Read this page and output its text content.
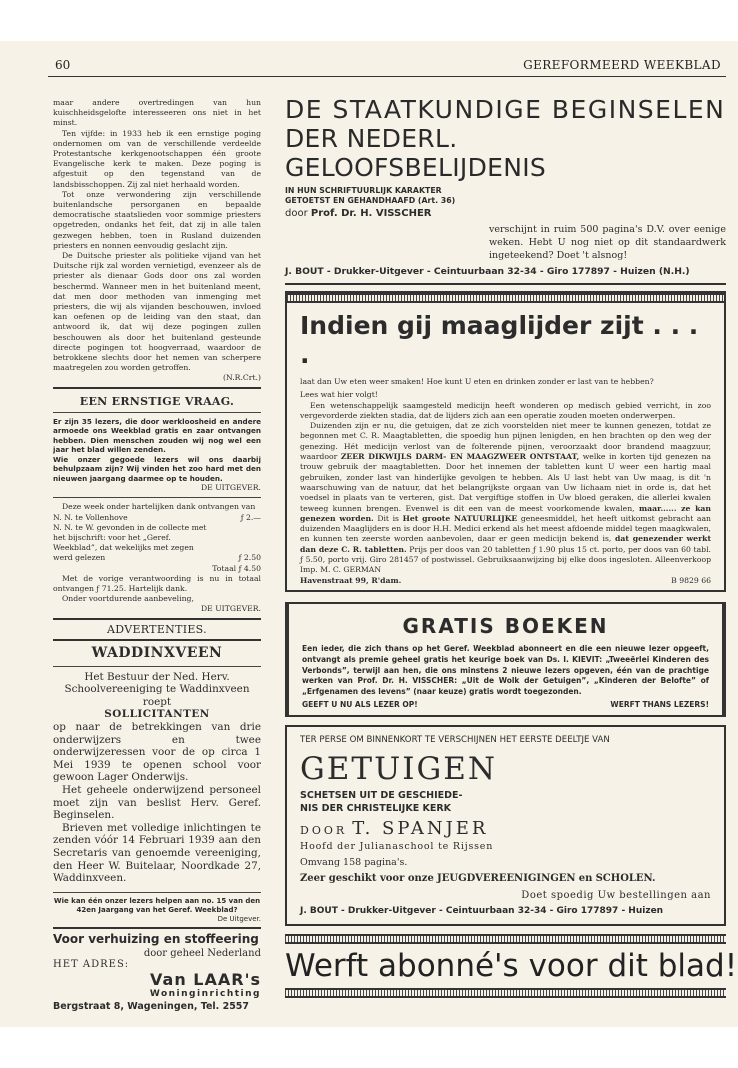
60	GEREFORMEERD WEEKBLAD

maar andere overtredingen van hun kuischheidsgelofte interesseeren ons niet in het minst.

Ten vijfde: in 1933 heb ik een ernstige poging ondernomen om van de verschillende verdeelde Protestantsche kerkgenootschappen één groote Evangelische kerk te maken. Deze poging is afgestuit op den tegenstand van de landsbisschoppen. Zij zal niet herhaald worden.

Tot onze verwondering zijn verschillende buitenlandsche persorganen en bepaalde democratische staatslieden voor sommige priesters opgetreden, ondanks het feit, dat zij in alle talen gezwegen hebben, toen in Rusland duizenden priesters en nonnen eenvoudig geslacht zijn.

De Duitsche priester als politieke vijand van het Duitsche rijk zal worden vernietigd, evenzeer als de priester als dienaar Gods door ons zal worden beschermd. Wanneer men in het buitenland meent, dat men door methoden van inmenging met priesters, die wij als vijanden beschouwen, invloed kan oefenen op de leiding van den staat, dan antwoord ik, dat wij deze pogingen zullen beschouwen als door het buitenland gesteunde directe pogingen tot hoogverraad, waardoor de betrokkene slechts door het nemen van scherpere maatregelen zou worden getroffen.

(N.R.Crt.)

EEN ERNSTIGE VRAAG.

Er zijn 35 lezers, die door werkloosheid en andere armoede ons Weekblad gratis en zaar ontvangen hebben. Dien menschen zouden wij nog wel een jaar het blad willen zenden.

Wie onzer gegoede lezers wil ons daarbij behulpzaam zijn? Wij vinden het zoo hard met den nieuwen jaargang daarmee op te houden.

DE UITGEVER.

Deze week onder hartelijken dank ontvangen van

N. N. te Vollenhove	ƒ 2.—
N. N. te W. gevonden in de collecte met het bijschrift: voor het „Geref. Weekblad”, dat wekelijks met zegen werd gelezen	ƒ 2.50

Totaal ƒ 4.50

Met de vorige verantwoording is nu in totaal ontvangen ƒ 71.25. Hartelijk dank.

Onder voortdurende aanbeveling,

DE UITGEVER.

ADVERTENTIES.
WADDINXVEEN

Het Bestuur der Ned. Herv. Schoolvereeniging te Waddinxveen roept

SOLLICITANTEN

op naar de betrekkingen van drie onderwijzers en twee onderwijzeressen voor de op circa 1 Mei 1939 te openen school voor gewoon Lager Onderwijs.

Het geheele onderwijzend personeel moet zijn van beslist Herv. Geref. Beginselen.

Brieven met volledige inlichtingen te zenden vóór 14 Februari 1939 aan den Secretaris van genoemde vereeniging, den Heer W. Buitelaar, Noordkade 27, Waddinxveen.

Wie kan één onzer lezers helpen aan no. 15 van den 42en Jaargang van het Geref. Weekblad?

De Uitgever.

Voor verhuizing en stoffeering

door geheel Nederland

HET ADRES:

Van LAAR's

Woninginrichting

Bergstraat 8, Wageningen, Tel. 2557

DE STAATKUNDIGE BEGINSELEN
DER NEDERL. GELOOFSBELIJDENIS
IN HUN SCHRIFTUURLIJK KARAKTER
GETOETST EN GEHANDHAAFD (Art. 36)
door Prof. Dr. H. VISSCHER
verschijnt in ruim 500 pagina's D.V. over eenige weken. Hebt U nog niet op dit standaardwerk ingeteekend? Doet 't alsnog!
J. BOUT - Drukker-Uitgever - Ceintuurbaan 32-34 - Giro 177897 - Huizen (N.H.)
Indien gij maaglijder zijt . . . .

laat dan Uw eten weer smaken! Hoe kunt U eten en drinken zonder er last van te hebben?

Lees wat hier volgt!

Een wetenschappelijk saamgesteld medicijn heeft wonderen op medisch gebied verricht, in zoo vergevorderde ziekten stadia, dat de lijders zich aan een operatie zouden moeten onderwerpen.

Duizenden zijn er nu, die getuigen, dat ze zich voorstelden niet meer te kunnen genezen, totdat ze begonnen met C. R. Maagtabletten, die spoedig hun pijnen lenigden, en hen brachten op den weg der genezing. Hét medicijn verlost van de folterende pijnen, veroorzaakt door brandend maagzuur, waardoor ZEER DIKWIJLS DARM- EN MAAGZWEER ONTSTAAT, welke in korten tijd genezen na trouw gebruik der maagtabletten. Door het innemen der tabletten kunt U weer een hartig maal gebruiken, zonder last van hinderlijke gevolgen te hebben. Als U last hebt van Uw maag, is dit 'n waarschuwing van de natuur, dat het belangrijkste orgaan van Uw lichaam niet in orde is, dat het voedsel in plaats van te verteren, gist. Dat vergiftige stoffen in Uw bloed geraken, die allerlei kwalen teweeg kunnen brengen. Evenwel is dit een van de meest voorkomende kwalen, maar...... ze kan genezen worden. Dit is Het groote NATUURLIJKE geneesmiddel, het heeft uitkomst gebracht aan duizenden Maaglijders en is door H.H. Medici erkend als het meest afdoende middel tegen maagkwalen, en kunnen ten zeerste worden aanbevolen, daar er geen medicijn bekend is, dat genezender werkt dan deze C. R. tabletten. Prijs per doos van 20 tabletten ƒ 1.90 plus 15 ct. porto, per doos van 60 tabl. ƒ 5.50, porto vrij. Giro 281457 of postwissel. Gebruiksaanwijzing bij elke doos ingesloten. Alleenverkoop Imp. M. C. GERMAN

Havenstraat 99, R'dam.	B 9829 66
GRATIS BOEKEN

Een ieder, die zich thans op het Geref. Weekblad abonneert en die een nieuwe lezer opgeeft, ontvangt als premie geheel gratis het keurige boek van Ds. I. KIEVIT: „Tweeërlei Kinderen des Verbonds”, terwijl aan hen, die ons minstens 2 nieuwe lezers opgeven, één van de prachtige werken van Prof. Dr. H. VISSCHER: „Uit de Wolk der Getuigen”, „Kinderen der Belofte” of „Erfgenamen des levens” (naar keuze) gratis wordt toegezonden.

GEEFT U NU ALS LEZER OP!	WERFT THANS LEZERS!
TER PERSE OM BINNENKORT TE VERSCHIJNEN HET EERSTE DEELTJE VAN
GETUIGEN
SCHETSEN UIT DE GESCHIEDE-
NIS DER CHRISTELIJKE KERK
DOOR T. SPANJER
Hoofd der Julianaschool te Rijssen
Omvang 158 pagina's.
Zeer geschikt voor onze JEUGDVEREENIGINGEN en SCHOLEN.
Doet spoedig Uw bestellingen aan
J. BOUT - Drukker-Uitgever - Ceintuurbaan 32-34 - Giro 177897 - Huizen
Werft abonné's voor dit blad!
